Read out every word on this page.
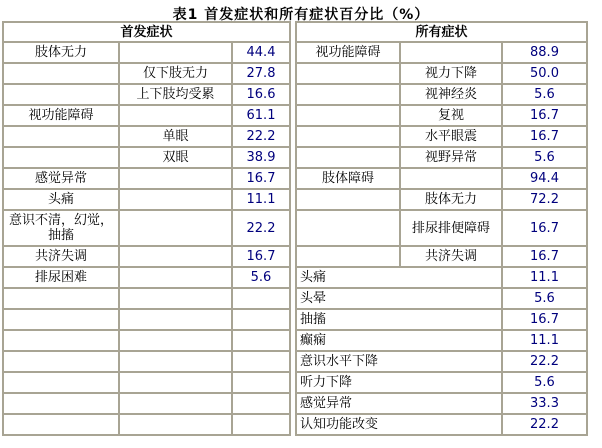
表1 首发症状和所有症状百分比（%）
首发症状		
肢体无力		44.4
	仅下肢无力	27.8
	上下肢均受累	16.6
视功能障碍		61.1
	单眼	22.2
	双眼	38.9
感觉异常		16.7
头痛		11.1
意识不清，幻觉，抽搐		22.2
共济失调		16.7
排尿困难		5.6

所有症状		
视功能障碍		88.9
	视力下降	50.0
	视神经炎	5.6
	复视	16.7
	水平眼震	16.7
	视野异常	5.6
肢体障碍		94.4
	肢体无力	72.2
	排尿排便障碍	16.7
	共济失调	16.7
头痛		11.1
头晕		5.6
抽搐		16.7
癫痫		11.1
意识水平下降		22.2
听力下降		5.6
感觉异常		33.3
认知功能改变		22.2
